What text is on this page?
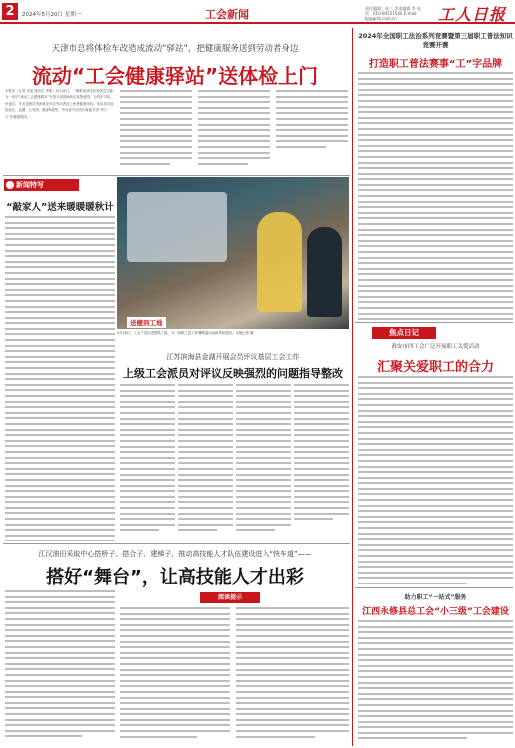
2	2024年5月20日 星期一	工会新闻	责任编辑：张三 美术编辑 李 电话：010-84151540 E-mail: bj@grrb.com.cn	工人日报
天津市总将体检车改造成流动“驿站”，把健康服务送到劳动者身边
流动“工会健康驿站”送体检上门
本报讯（记者 刘旭 通讯员 李明）5月16日，一辆集流动体检和休息功能为一体的“流动工会健康驿站”开进天津滨海新区某物流园，为货车司机、快递员、外卖送餐员等新就业形态劳动者送上免费健康体检。体检项目包括血压、血糖、心电图、腹部B超等，劳动者不出园区就能享受“家门口”的健康服务。
新闻特写
“敲家人”送来暖暖暖秋计
送健到工地
5月18日，工会干部走进建筑工地，为一线职工送上防暑降温用品和体检服务。本报记者 摄
江苏滨海县金湖开展会员评议基层工会工作
上级工会派员对评议反映强烈的问题指导整改
江汉油田采取中心搭桥子、搭合子、建梯子，推动高技能人才队伍建设进入“快车道”——
搭好“舞台”，让高技能人才出彩
阅读提示
2024年全国职工法治系列竞赛暨第三届职工普法知识竞赛开赛
打造职工普法赛事“工”字品牌
焦点日记
淮安市四工会广泛开展职工关爱活动
汇聚关爱职工的合力
助力职工“一站式”服务
江西永修县总工会“小三级”工会建设
